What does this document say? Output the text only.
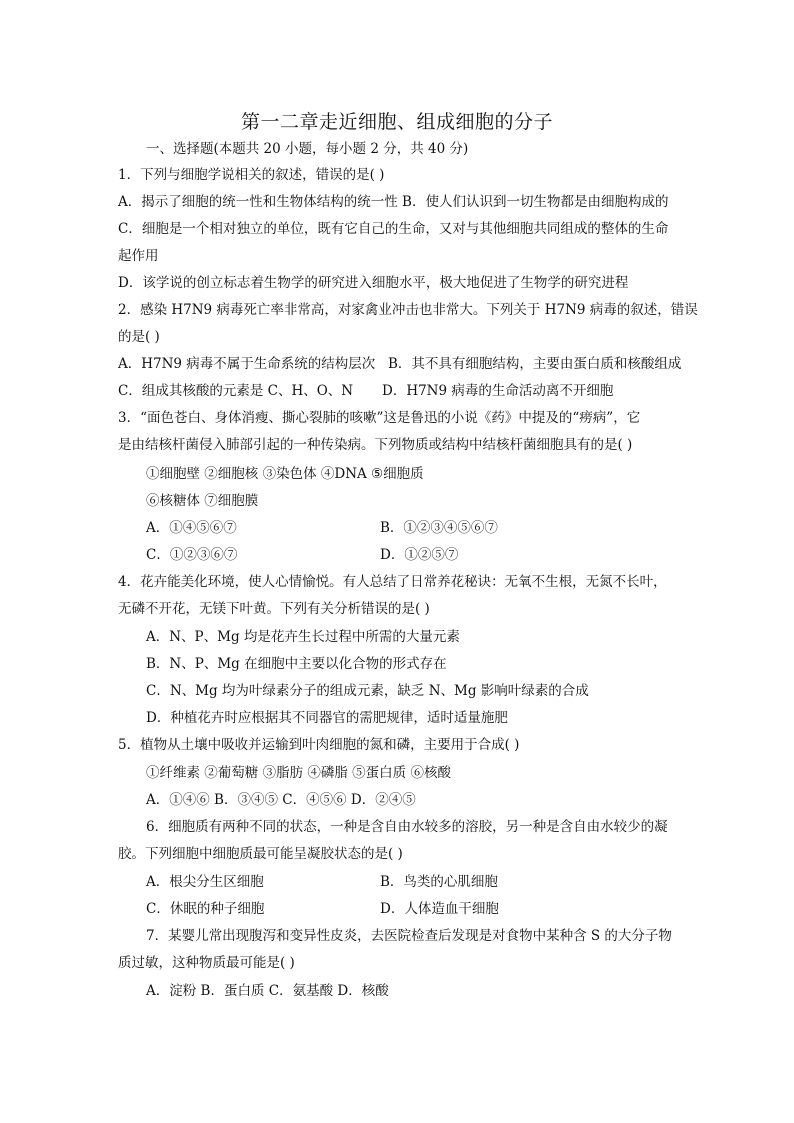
第一二章走近细胞、组成细胞的分子
一、选择题(本题共 20 小题，每小题 2 分，共 40 分)
1．下列与细胞学说相关的叙述，错误的是( )
A．揭示了细胞的统一性和生物体结构的统一性 B．使人们认识到一切生物都是由细胞构成的
C．细胞是一个相对独立的单位，既有它自己的生命，又对与其他细胞共同组成的整体的生命
起作用
D．该学说的创立标志着生物学的研究进入细胞水平，极大地促进了生物学的研究进程
2．感染 H7N9 病毒死亡率非常高，对家禽业冲击也非常大。下列关于 H7N9 病毒的叙述，错误
的是( )
A．H7N9 病毒不属于生命系统的结构层次 B．其不具有细胞结构，主要由蛋白质和核酸组成
C．组成其核酸的元素是 C、H、O、N D．H7N9 病毒的生命活动离不开细胞
3．“面色苍白、身体消瘦、撕心裂肺的咳嗽”这是鲁迅的小说《药》中提及的“痨病”，它
是由结核杆菌侵入肺部引起的一种传染病。下列物质或结构中结核杆菌细胞具有的是( )
①细胞壁 ②细胞核 ③染色体 ④DNA ⑤细胞质
⑥核糖体 ⑦细胞膜
A．①④⑤⑥⑦	B．①②③④⑤⑥⑦
C．①②③⑥⑦	D．①②⑤⑦
4．花卉能美化环境，使人心情愉悦。有人总结了日常养花秘诀：无氧不生根，无氮不长叶，
无磷不开花，无镁下叶黄。下列有关分析错误的是( )
A．N、P、Mg 均是花卉生长过程中所需的大量元素
B．N、P、Mg 在细胞中主要以化合物的形式存在
C．N、Mg 均为叶绿素分子的组成元素，缺乏 N、Mg 影响叶绿素的合成
D．种植花卉时应根据其不同器官的需肥规律，适时适量施肥
5．植物从土壤中吸收并运输到叶肉细胞的氮和磷，主要用于合成( )
①纤维素 ②葡萄糖 ③脂肪 ④磷脂 ⑤蛋白质 ⑥核酸
A．①④⑥ B．③④⑤ C．④⑤⑥ D．②④⑤
6．细胞质有两种不同的状态，一种是含自由水较多的溶胶，另一种是含自由水较少的凝
胶。下列细胞中细胞质最可能呈凝胶状态的是( )
A．根尖分生区细胞	B．鸟类的心肌细胞
C．休眠的种子细胞	D．人体造血干细胞
7．某婴儿常出现腹泻和变异性皮炎，去医院检查后发现是对食物中某种含 S 的大分子物
质过敏，这种物质最可能是( )
A．淀粉 B．蛋白质 C．氨基酸 D．核酸
